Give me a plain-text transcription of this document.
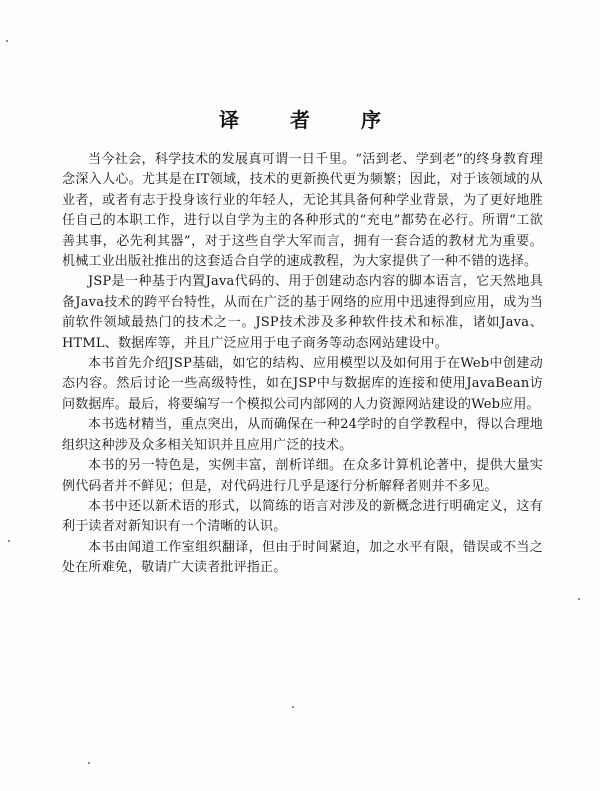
译 者 序

当今社会，科学技术的发展真可谓一日千里。“活到老、学到老”的终身教育理念深入人心。尤其是在IT领域，技术的更新换代更为频繁；因此，对于该领域的从业者，或者有志于投身该行业的年轻人，无论其具备何种学业背景，为了更好地胜任自己的本职工作，进行以自学为主的各种形式的“充电”都势在必行。所谓“工欲善其事，必先利其器”，对于这些自学大军而言，拥有一套合适的教材尤为重要。机械工业出版社推出的这套适合自学的速成教程，为大家提供了一种不错的选择。

JSP是一种基于内置Java代码的、用于创建动态内容的脚本语言，它天然地具备Java技术的跨平台特性，从而在广泛的基于网络的应用中迅速得到应用，成为当前软件领域最热门的技术之一。JSP技术涉及多种软件技术和标准，诸如Java、HTML、数据库等，并且广泛应用于电子商务等动态网站建设中。

本书首先介绍JSP基础，如它的结构、应用模型以及如何用于在Web中创建动态内容。然后讨论一些高级特性，如在JSP中与数据库的连接和使用JavaBean访问数据库。最后，将要编写一个模拟公司内部网的人力资源网站建设的Web应用。

本书选材精当，重点突出，从而确保在一种24学时的自学教程中，得以合理地组织这种涉及众多相关知识并且应用广泛的技术。

本书的另一特色是，实例丰富，剖析详细。在众多计算机论著中，提供大量实例代码者并不鲜见；但是，对代码进行几乎是逐行分析解释者则并不多见。

本书中还以新术语的形式，以简练的语言对涉及的新概念进行明确定义，这有利于读者对新知识有一个清晰的认识。

本书由闻道工作室组织翻译，但由于时间紧迫，加之水平有限，错误或不当之处在所难免，敬请广大读者批评指正。
